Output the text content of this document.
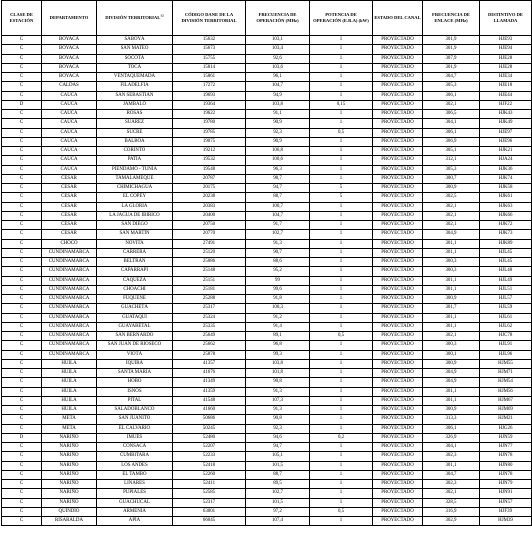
CLASE DE ESTACIÓN	DEPARTAMENTO	DIVISIÓN TERRITORIAL$^{12}$	CÓDIGO DANE DE LA DIVISIÓN TERRITORIAL	FRECUENCIA DE OPERACIÓN (MHz)	POTENCIA DE OPERACIÓN (E.R.A) (kW)	ESTADO DEL CANAL	FRECUENCIA DE ENLACE (MHz)	DISTINTIVO DE LLAMADA
C	BOYACÁ	SABOYÁ	15632	103,1	1	PROYECTADO	301,9	HJE93
C	BOYACÁ	SAN MATEO	15673	103,4	1	PROYECTADO	301,9	HJE94
C	BOYACÁ	SOCOTÁ	15755	92,6	1	PROYECTADO	307,9	HJE28
C	BOYACÁ	TOCA	15814	103,6	1	PROYECTADO	301,9	HJE28
C	BOYACÁ	VENTAQUEMADA	15861	96,1	1	PROYECTADO	304,7	HJE34
C	CALDAS	FILADELFIA	17272	104,7	1	PROYECTADO	305,3	HJE18
C	CAUCA	SAN SEBASTIÁN	19693	94,9	1	PROYECTADO	306,1	HJE44
D	CAUCA	JAMBALÓ	19364	103,8	0,15	PROYECTADO	302,1	HJF22
C	CAUCA	ROSAS	19622	91,1	1	PROYECTADO	306,5	HJK43
C	CAUCA	SUÁREZ	19780	90,9	1	PROYECTADO	304,1	HJK49
C	CAUCA	SUCRE	19785	92,3	0,5	PROYECTADO	306,1	HJE97
C	CAUCA	BALBOA	19075	90,9	1	PROYECTADO	306,9	HJE96
C	CAUCA	CORINTO	19212	106,8	1	PROYECTADO	305,1	HJK21
C	CAUCA	PATÍA	19532	100,6	1	PROYECTADO	312,1	HJA24
C	CAUCA	PIENDAMÓ - TUNÍA	19548	96,3	1	PROYECTADO	305,3	HJK36
C	CESAR	TAMALAMEQUE	20787	98,7	1	PROYECTADO	300,7	HJK74
C	CESAR	CHIMICHAGUA	20175	94,7	5	PROYECTADO	300,9	HJK58
C	CESAR	EL COPEY	20238	88,7	5	PROYECTADO	302,5	HJK61
C	CESAR	LA GLORIA	20383	100,7	1	PROYECTADO	302,1	HJK63
C	CESAR	LA JAGUA DE IBIRICO	20400	104,7	1	PROYECTADO	302,1	HJK66
C	CESAR	SAN DIEGO	20750	91,7	1	PROYECTADO	302,1	HJK72
C	CESAR	SAN MARTÍN	20770	102,7	1	PROYECTADO	304,9	HJK73
C	CHOCÓ	NÓVITA	27491	91,3	1	PROYECTADO	301,1	HJK89
C	CUNDINAMARCA	CARRERA	25120	90,7	1	PROYECTADO	301,1	HJL45
C	CUNDINAMARCA	BELTRÁN	25086	88,6	1	PROYECTADO	300,3	HJL45
C	CUNDINAMARCA	CAPARRAPÍ	25148	95,2	1	PROYECTADO	300,3	HJL48
C	CUNDINAMARCA	CÁQUEZA	25151	99	1	PROYECTADO	301,1	HJL49
C	CUNDINAMARCA	CHOACHÍ	25181	99,6	1	PROYECTADO	301,1	HJL51
C	CUNDINAMARCA	FÚQUENE	25288	91,8	1	PROYECTADO	300,9	HJL57
C	CUNDINAMARCA	GUACHETÁ	25317	100,3	1	PROYECTADO	301,7	HJL59
C	CUNDINAMARCA	GUATAQUÍ	25324	91,2	1	PROYECTADO	301,1	HJL61
C	CUNDINAMARCA	GUAYABETAL	25335	91,4	1	PROYECTADO	301,1	HJL62
C	CUNDINAMARCA	SAN BERNARDO	25649	89,1	0,5	PROYECTADO	302,1	HJC78
C	CUNDINAMARCA	SAN JUAN DE RIOSECO	25662	96,8	1	PROYECTADO	300,3	HJL91
C	CUNDINAMARCA	VIOTÁ	25878	99,3	1	PROYECTADO	300,1	HJL96
C	HUILA	ÍQUIRA	41357	103,8	1	PROYECTADO	300,9	HJM55
C	HUILA	SANTA MARÍA	41676	101,8	1	PROYECTADO	304,9	HJM71
C	HUILA	HOBO	41349	90,8	1	PROYECTADO	304,9	HJM54
C	HUILA	ISNOS	41359	91,3	1	PROYECTADO	301,1	HJM56
C	HUILA	PITAL	41548	107,3	1	PROYECTADO	301,1	HJM67
C	HUILA	SALADOBLANCO	41660	91,3	1	PROYECTADO	300,9	HJM69
C	META	SAN JUANITO	50686	90,8	1	PROYECTADO	313,3	HJM21
C	META	EL CALVARIO	50245	92,3	1	PROYECTADO	306,1	HJG26
D	NARIÑO	IMUÉS	52480	94,6	0,2	PROYECTADO	326,9	HJN59
C	NARIÑO	CONSACÁ	52207	94,7	1	PROYECTADO	304,1	HJN77
C	NARIÑO	CUMBITARA	52233	105,1	1	PROYECTADO	302,3	HJN78
C	NARIÑO	LOS ANDES	52418	101,5	1	PROYECTADO	301,1	HJN80
C	NARIÑO	EL TAMBO	52260	88,7	1	PROYECTADO	304,7	HJN78
C	NARIÑO	LINARES	52411	89,5	1	PROYECTADO	302,3	HJN79
C	NARIÑO	PUPIALES	52585	102,7	1	PROYECTADO	302,1	HJN91
C	NARIÑO	GUACHUCAL	52317	101,5	1	PROYECTADO	328,5	HJN57
C	QUINDÍO	ARMENIA	63001	97,2	0,5	PROYECTADO	316,9	HJF39
C	RISARALDA	APÍA	66045	107,4	1	PROYECTADO	302,9	HJM39
